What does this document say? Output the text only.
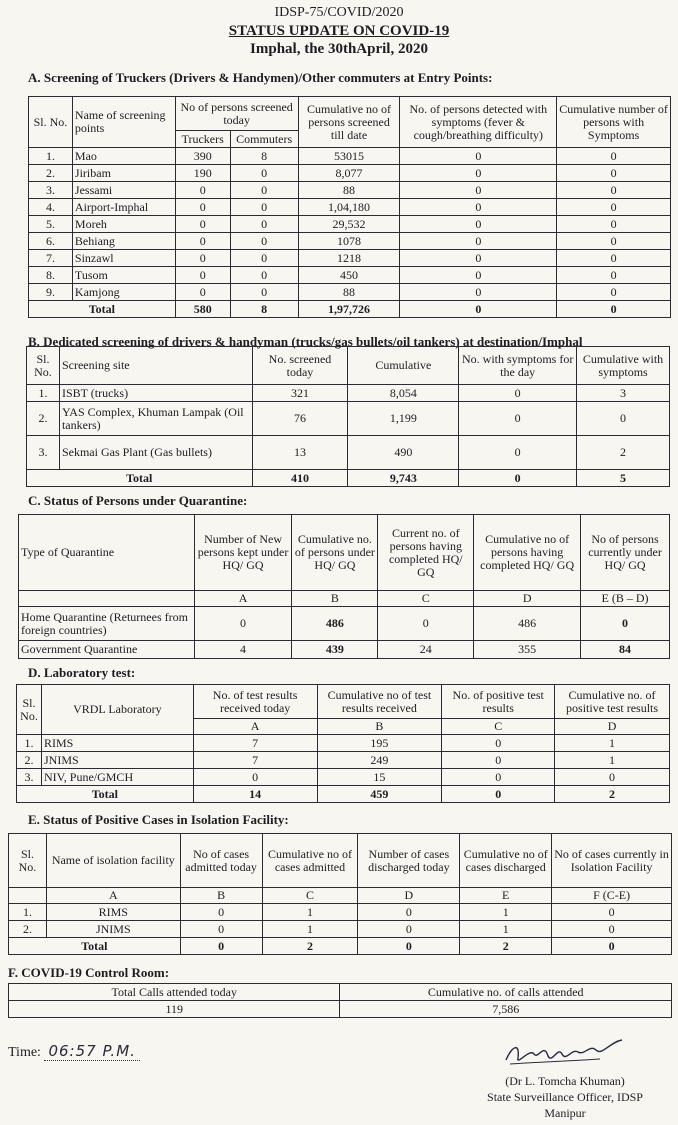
IDSP-75/COVID/2020
STATUS UPDATE ON COVID-19
Imphal, the 30thApril, 2020
A. Screening of Truckers (Drivers & Handymen)/Other commuters at Entry Points:
Sl. No.	Name of screening points	No of persons screened today		Cumulative no of persons screened till date	No. of persons detected with symptoms (fever & cough/breathing difficulty)	Cumulative number of persons with Symptoms
		Truckers	Commuters			
1.	Mao	390	8	53015	0	0
2.	Jiribam	190	0	8,077	0	0
3.	Jessami	0	0	88	0	0
4.	Airport-Imphal	0	0	1,04,180	0	0
5.	Moreh	0	0	29,532	0	0
6.	Behiang	0	0	1078	0	0
7.	Sinzawl	0	0	1218	0	0
8.	Tusom	0	0	450	0	0
9.	Kamjong	0	0	88	0	0
Total		580	8	1,97,726	0	0
B. Dedicated screening of drivers & handyman (trucks/gas bullets/oil tankers) at destination/Imphal
Sl. No.	Screening site	No. screened today	Cumulative	No. with symptoms for the day	Cumulative with symptoms
1.	ISBT (trucks)	321	8,054	0	3
2.	YAS Complex, Khuman Lampak (Oil tankers)	76	1,199	0	0
3.	Sekmai Gas Plant (Gas bullets)	13	490	0	2
Total		410	9,743	0	5
C. Status of Persons under Quarantine:
Type of Quarantine	Number of New persons kept under HQ/ GQ	Cumulative no. of persons under HQ/ GQ	Current no. of persons having completed HQ/ GQ	Cumulative no of persons having completed HQ/ GQ	No of persons currently under HQ/ GQ
	A	B	C	D	E (B – D)
Home Quarantine (Returnees from foreign countries)	0	486	0	486	0
Government Quarantine	4	439	24	355	84
D. Laboratory test:
Sl. No.	VRDL Laboratory	No. of test results received today	Cumulative no of test results received	No. of positive test results	Cumulative no. of positive test results
		A	B	C	D
1.	RIMS	7	195	0	1
2.	JNIMS	7	249	0	1
3.	NIV, Pune/GMCH	0	15	0	0
Total		14	459	0	2
E. Status of Positive Cases in Isolation Facility:
Sl. No.	Name of isolation facility	No of cases admitted today	Cumulative no of cases admitted	Number of cases discharged today	Cumulative no of cases discharged	No of cases currently in Isolation Facility
	A	B	C	D	E	F (C-E)
1.	RIMS	0	1	0	1	0
2.	JNIMS	0	1	0	1	0
Total		0	2	0	2	0
F. COVID-19 Control Room:
Total Calls attended today	Cumulative no. of calls attended
119	7,586
Time: 06:57 P.M.
(Dr L. Tomcha Khuman)
State Surveillance Officer, IDSP
Manipur
